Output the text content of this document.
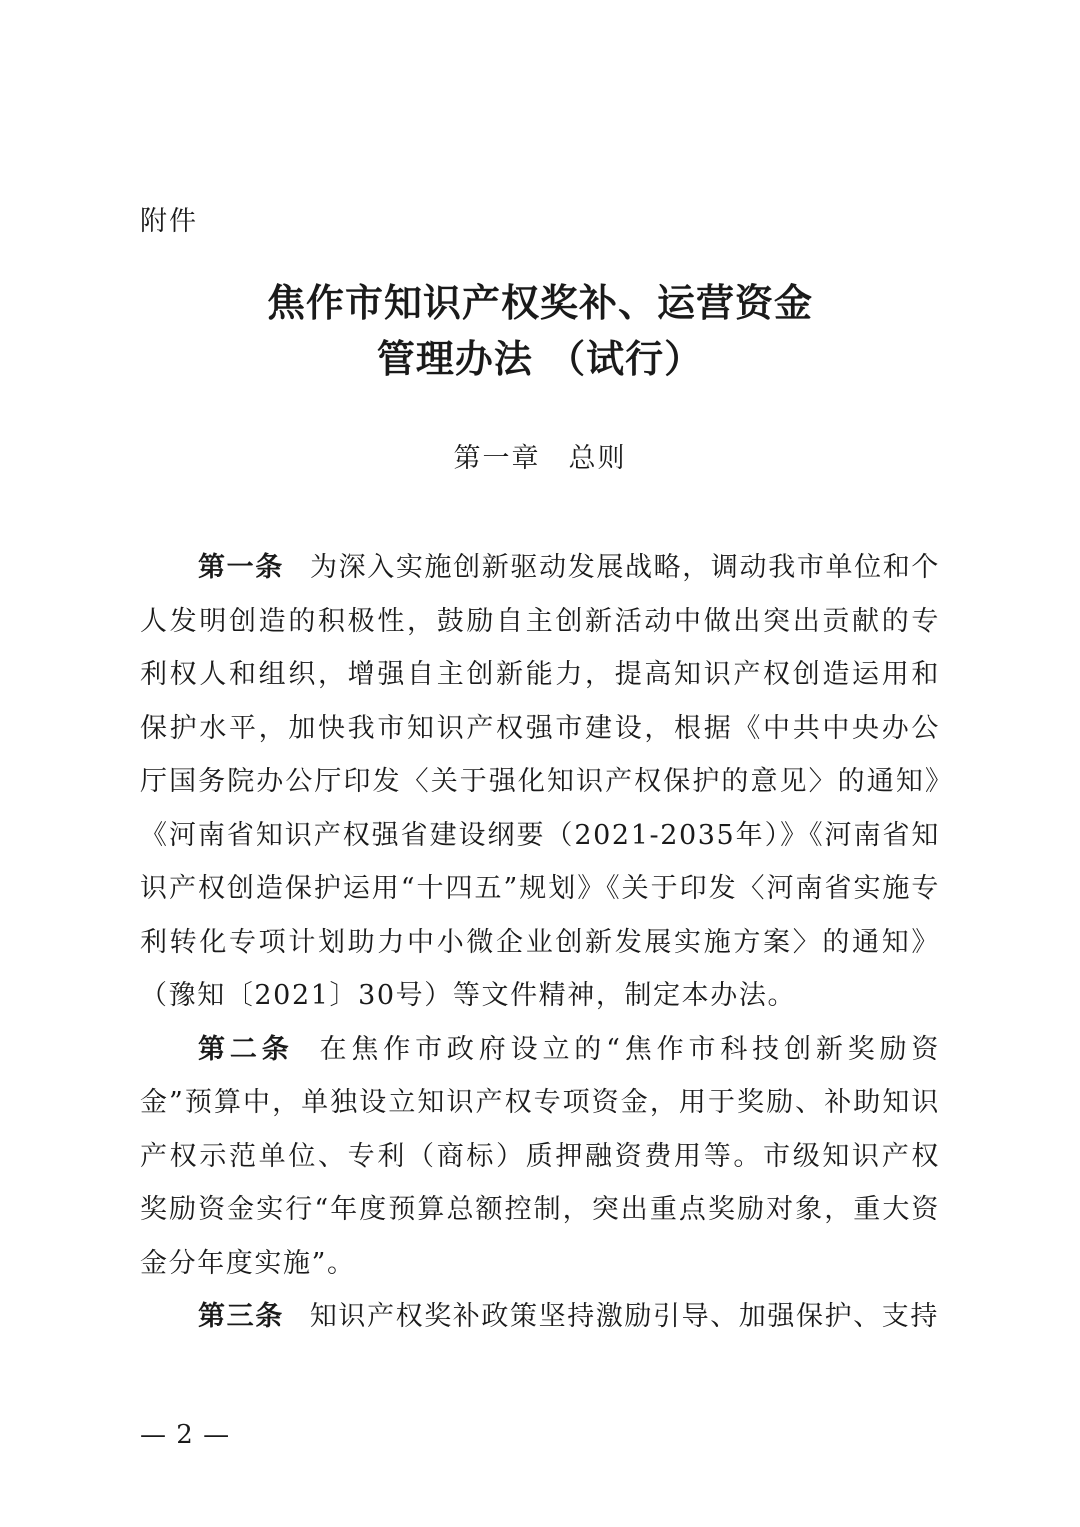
附件
焦作市知识产权奖补、运营资金
管理办法 （试行）
第一章 总则

第一条 为深入实施创新驱动发展战略，调动我市单位和个人发明创造的积极性，鼓励自主创新活动中做出突出贡献的专利权人和组织，增强自主创新能力，提高知识产权创造运用和保护水平，加快我市知识产权强市建设，根据《中共中央办公厅国务院办公厅印发〈关于强化知识产权保护的意见〉的通知》《河南省知识产权强省建设纲要（2021-2035年）》《河南省知识产权创造保护运用“十四五”规划》《关于印发〈河南省实施专利转化专项计划助力中小微企业创新发展实施方案〉的通知》（豫知〔2021〕30号）等文件精神，制定本办法。

第二条 在焦作市政府设立的“焦作市科技创新奖励资金”预算中，单独设立知识产权专项资金，用于奖励、补助知识产权示范单位、专利（商标）质押融资费用等。市级知识产权奖励资金实行“年度预算总额控制，突出重点奖励对象，重大资金分年度实施”。

第三条 知识产权奖补政策坚持激励引导、加强保护、支持

— 2 —
